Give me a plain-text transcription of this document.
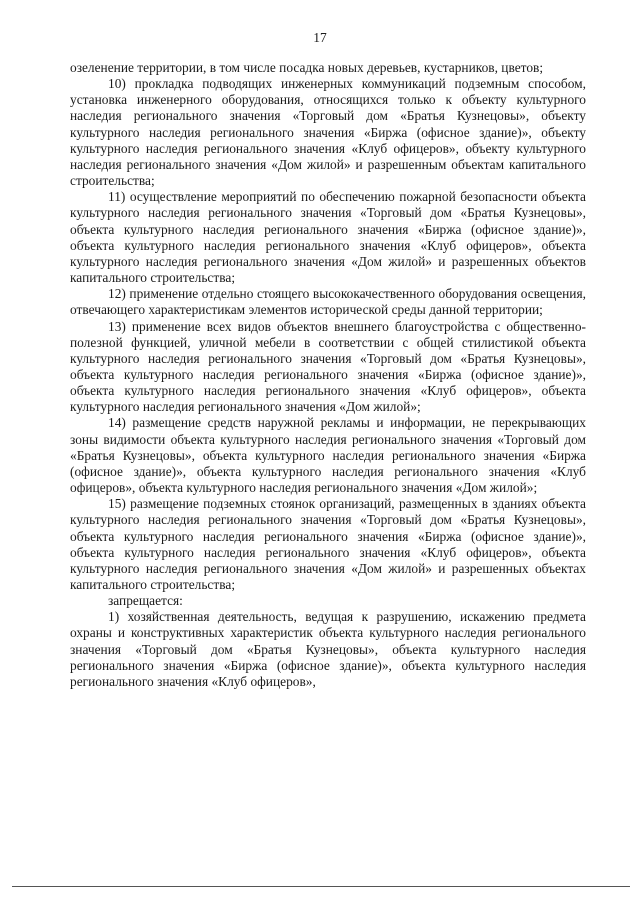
17

озеленение территории, в том числе посадка новых деревьев, кустарников, цветов;

10) прокладка подводящих инженерных коммуникаций подземным способом, установка инженерного оборудования, относящихся только к объекту культурного наследия регионального значения «Торговый дом «Братья Кузнецовы», объекту культурного наследия регионального значения «Биржа (офисное здание)», объекту культурного наследия регионального значения «Клуб офицеров», объекту культурного наследия регионального значения «Дом жилой» и разрешенным объектам капитального строительства;

11) осуществление мероприятий по обеспечению пожарной безопасности объекта культурного наследия регионального значения «Торговый дом «Братья Кузнецовы», объекта культурного наследия регионального значения «Биржа (офисное здание)», объекта культурного наследия регионального значения «Клуб офицеров», объекта культурного наследия регионального значения «Дом жилой» и разрешенных объектов капитального строительства;

12) применение отдельно стоящего высококачественного оборудования освещения, отвечающего характеристикам элементов исторической среды данной территории;

13) применение всех видов объектов внешнего благоустройства с общественно-полезной функцией, уличной мебели в соответствии с общей стилистикой объекта культурного наследия регионального значения «Торговый дом «Братья Кузнецовы», объекта культурного наследия регионального значения «Биржа (офисное здание)», объекта культурного наследия регионального значения «Клуб офицеров», объекта культурного наследия регионального значения «Дом жилой»;

14) размещение средств наружной рекламы и информации, не перекрывающих зоны видимости объекта культурного наследия регионального значения «Торговый дом «Братья Кузнецовы», объекта культурного наследия регионального значения «Биржа (офисное здание)», объекта культурного наследия регионального значения «Клуб офицеров», объекта культурного наследия регионального значения «Дом жилой»;

15) размещение подземных стоянок организаций, размещенных в зданиях объекта культурного наследия регионального значения «Торговый дом «Братья Кузнецовы», объекта культурного наследия регионального значения «Биржа (офисное здание)», объекта культурного наследия регионального значения «Клуб офицеров», объекта культурного наследия регионального значения «Дом жилой» и разрешенных объектах капитального строительства;

запрещается:

1) хозяйственная деятельность, ведущая к разрушению, искажению предмета охраны и конструктивных характеристик объекта культурного наследия регионального значения «Торговый дом «Братья Кузнецовы», объекта культурного наследия регионального значения «Биржа (офисное здание)», объекта культурного наследия регионального значения «Клуб офицеров»,
